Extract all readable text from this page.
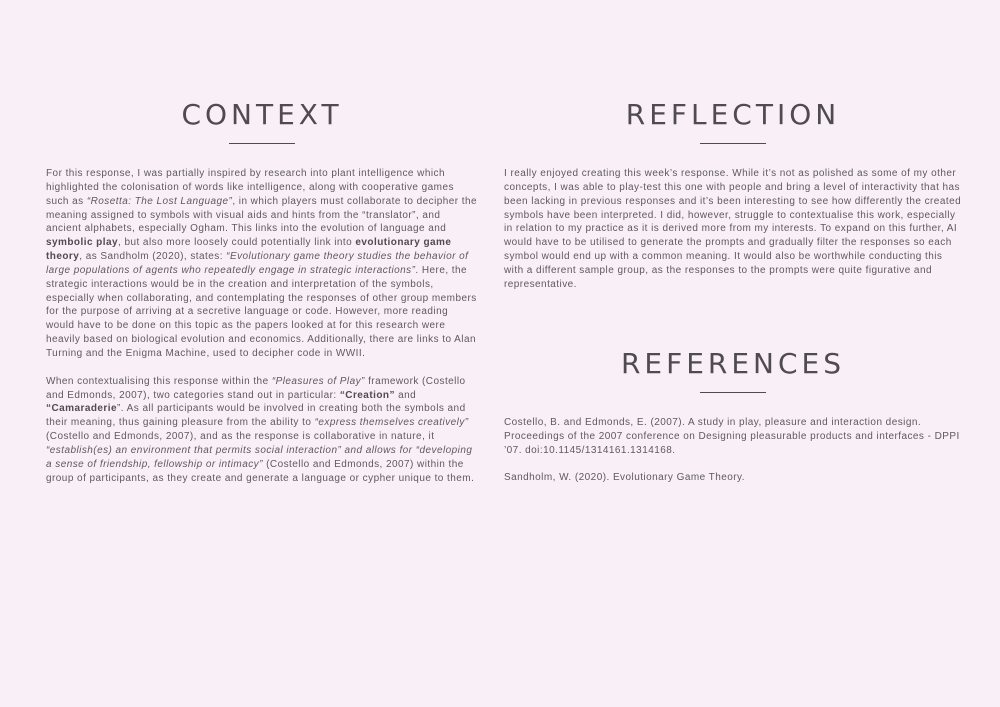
CONTEXT

For this response, I was partially inspired by research into plant intelligence which highlighted the colonisation of words like intelligence, along with cooperative games such as “Rosetta: The Lost Language”, in which players must collaborate to decipher the meaning assigned to symbols with visual aids and hints from the “translator”, and ancient alphabets, especially Ogham. This links into the evolution of language and symbolic play, but also more loosely could potentially link into evolutionary game theory, as Sandholm (2020), states: “Evolutionary game theory studies the behavior of large populations of agents who repeatedly engage in strategic interactions”. Here, the strategic interactions would be in the creation and interpretation of the symbols, especially when collaborating, and contemplating the responses of other group members for the purpose of arriving at a secretive language or code. However, more reading would have to be done on this topic as the papers looked at for this research were heavily based on biological evolution and economics. Additionally, there are links to Alan Turning and the Enigma Machine, used to decipher code in WWII.

When contextualising this response within the “Pleasures of Play” framework (Costello and Edmonds, 2007), two categories stand out in particular: “Creation” and “Camaraderie”. As all participants would be involved in creating both the symbols and their meaning, thus gaining pleasure from the ability to “express themselves creatively” (Costello and Edmonds, 2007), and as the response is collaborative in nature, it “establish(es) an environment that permits social interaction” and allows for “developing a sense of friendship, fellowship or intimacy” (Costello and Edmonds, 2007) within the group of participants, as they create and generate a language or cypher unique to them.

REFLECTION

I really enjoyed creating this week’s response. While it’s not as polished as some of my other concepts, I was able to play-test this one with people and bring a level of interactivity that has been lacking in previous responses and it’s been interesting to see how differently the created symbols have been interpreted. I did, however, struggle to contextualise this work, especially in relation to my practice as it is derived more from my interests. To expand on this further, AI would have to be utilised to generate the prompts and gradually filter the responses so each symbol would end up with a common meaning. It would also be worthwhile conducting this with a different sample group, as the responses to the prompts were quite figurative and representative.

REFERENCES

Costello, B. and Edmonds, E. (2007). A study in play, pleasure and interaction design. Proceedings of the 2007 conference on Designing pleasurable products and interfaces - DPPI ’07. doi:10.1145/1314161.1314168.

Sandholm, W. (2020). Evolutionary Game Theory.
